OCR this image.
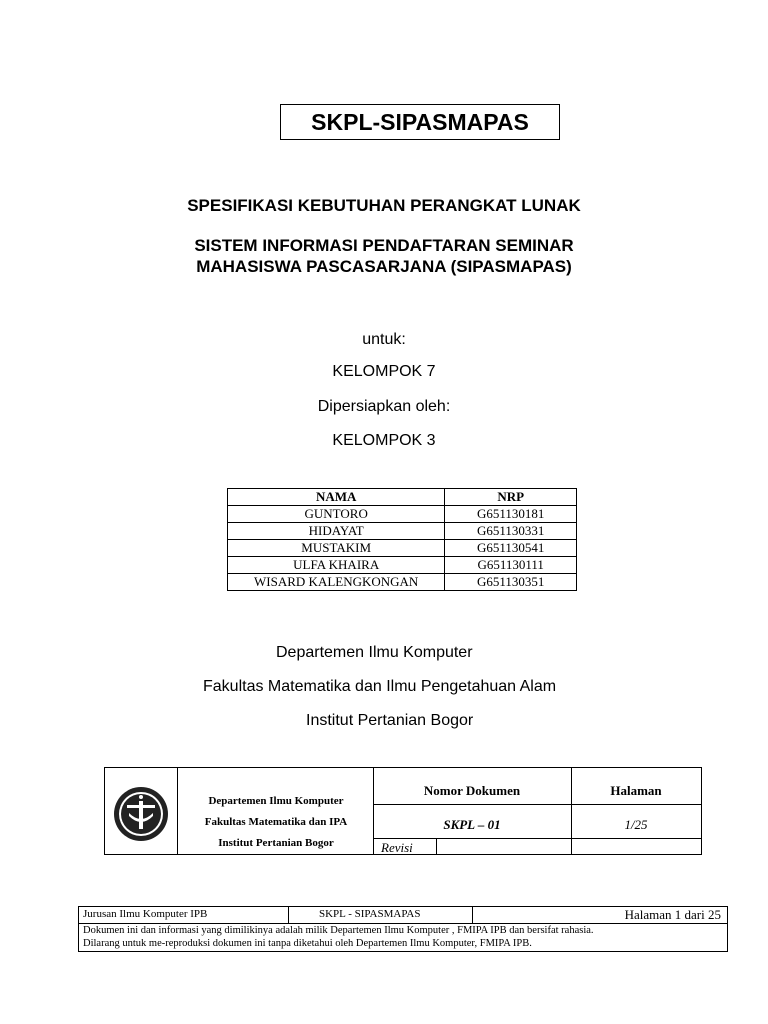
SKPL-SIPASMAPAS
SPESIFIKASI KEBUTUHAN PERANGKAT LUNAK
SISTEM INFORMASI PENDAFTARAN SEMINAR
MAHASISWA PASCASARJANA (SIPASMAPAS)
untuk:
KELOMPOK 7
Dipersiapkan oleh:
KELOMPOK 3
NAMA	NRP
GUNTORO	G651130181
HIDAYAT	G651130331
MUSTAKIM	G651130541
ULFA KHAIRA	G651130111
WISARD KALENGKONGAN	G651130351
Departemen Ilmu Komputer
Fakultas Matematika dan Ilmu Pengetahuan Alam
Institut Pertanian Bogor
Departemen Ilmu Komputer
Fakultas Matematika dan IPA
Institut Pertanian Bogor
Nomor Dokumen	Halaman
SKPL – 01	1/25
Revisi
Jurusan Ilmu Komputer IPB	SKPL - SIPASMAPAS	Halaman 1 dari 25
Dokumen ini dan informasi yang dimilikinya adalah milik Departemen Ilmu Komputer , FMIPA IPB dan bersifat rahasia.
Dilarang untuk me-reproduksi dokumen ini tanpa diketahui oleh Departemen Ilmu Komputer, FMIPA IPB.
